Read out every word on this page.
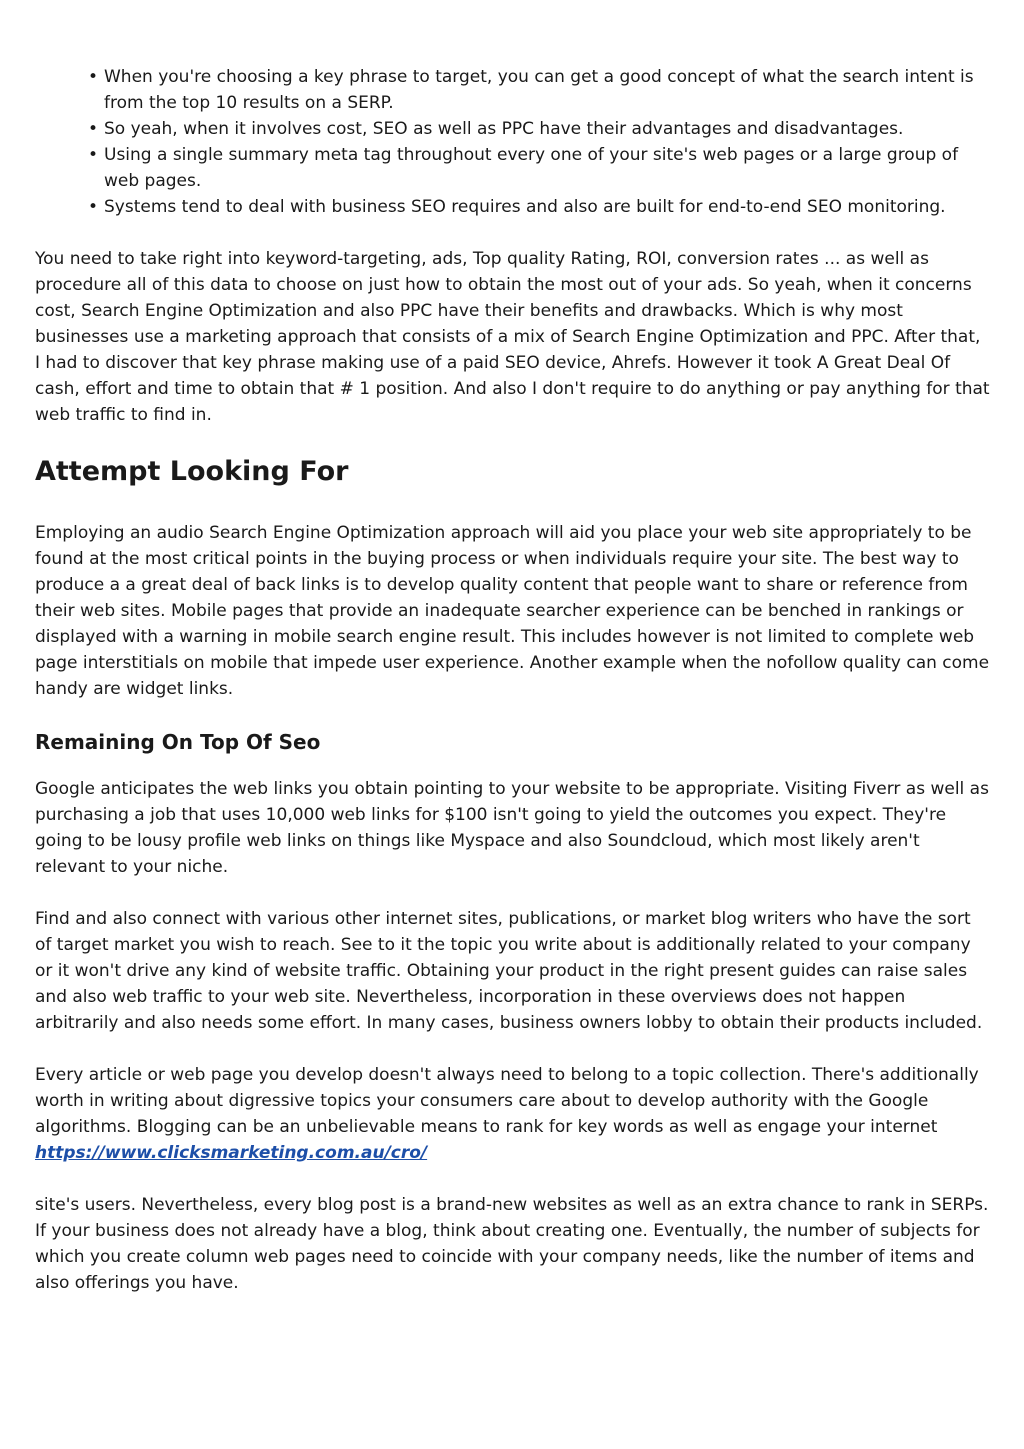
• When you're choosing a key phrase to target, you can get a good concept of what the search intent is from the top 10 results on a SERP.
• So yeah, when it involves cost, SEO as well as PPC have their advantages and disadvantages.
• Using a single summary meta tag throughout every one of your site's web pages or a large group of web pages.
• Systems tend to deal with business SEO requires and also are built for end-to-end SEO monitoring.

You need to take right into keyword-targeting, ads, Top quality Rating, ROI, conversion rates ... as well as procedure all of this data to choose on just how to obtain the most out of your ads. So yeah, when it concerns cost, Search Engine Optimization and also PPC have their benefits and drawbacks. Which is why most businesses use a marketing approach that consists of a mix of Search Engine Optimization and PPC. After that, I had to discover that key phrase making use of a paid SEO device, Ahrefs. However it took A Great Deal Of cash, effort and time to obtain that # 1 position. And also I don't require to do anything or pay anything for that web traffic to find in.

Attempt Looking For

Employing an audio Search Engine Optimization approach will aid you place your web site appropriately to be found at the most critical points in the buying process or when individuals require your site. The best way to produce a a great deal of back links is to develop quality content that people want to share or reference from their web sites. Mobile pages that provide an inadequate searcher experience can be benched in rankings or displayed with a warning in mobile search engine result. This includes however is not limited to complete web page interstitials on mobile that impede user experience. Another example when the nofollow quality can come handy are widget links.

Remaining On Top Of Seo

Google anticipates the web links you obtain pointing to your website to be appropriate. Visiting Fiverr as well as purchasing a job that uses 10,000 web links for $100 isn't going to yield the outcomes you expect. They're going to be lousy profile web links on things like Myspace and also Soundcloud, which most likely aren't relevant to your niche.

Find and also connect with various other internet sites, publications, or market blog writers who have the sort of target market you wish to reach. See to it the topic you write about is additionally related to your company or it won't drive any kind of website traffic. Obtaining your product in the right present guides can raise sales and also web traffic to your web site. Nevertheless, incorporation in these overviews does not happen arbitrarily and also needs some effort. In many cases, business owners lobby to obtain their products included.

Every article or web page you develop doesn't always need to belong to a topic collection. There's additionally worth in writing about digressive topics your consumers care about to develop authority with the Google algorithms. Blogging can be an unbelievable means to rank for key words as well as engage your internet
https://www.clicksmarketing.com.au/cro/

site's users. Nevertheless, every blog post is a brand-new websites as well as an extra chance to rank in SERPs. If your business does not already have a blog, think about creating one. Eventually, the number of subjects for which you create column web pages need to coincide with your company needs, like the number of items and also offerings you have.
